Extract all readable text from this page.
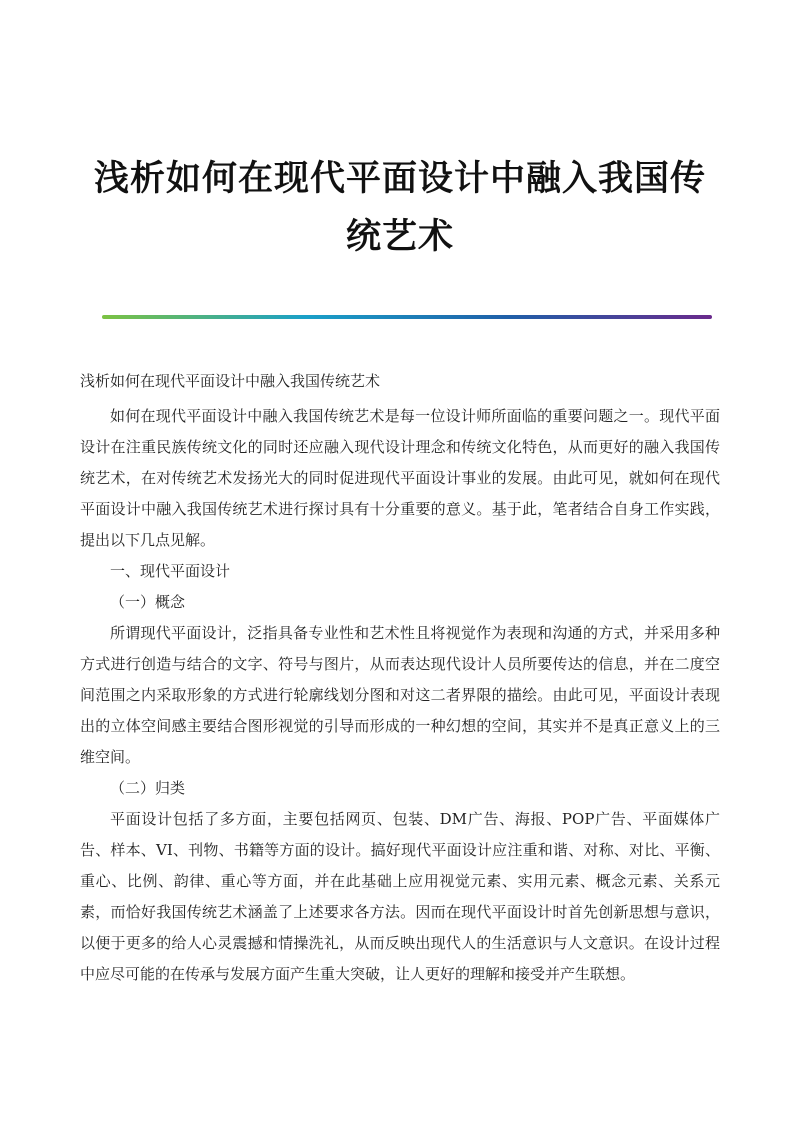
浅析如何在现代平面设计中融入我国传统艺术

浅析如何在现代平面设计中融入我国传统艺术

如何在现代平面设计中融入我国传统艺术是每一位设计师所面临的重要问题之一。现代平面设计在注重民族传统文化的同时还应融入现代设计理念和传统文化特色，从而更好的融入我国传统艺术，在对传统艺术发扬光大的同时促进现代平面设计事业的发展。由此可见，就如何在现代平面设计中融入我国传统艺术进行探讨具有十分重要的意义。基于此，笔者结合自身工作实践，提出以下几点见解。

一、现代平面设计

（一）概念

所谓现代平面设计，泛指具备专业性和艺术性且将视觉作为表现和沟通的方式，并采用多种方式进行创造与结合的文字、符号与图片，从而表达现代设计人员所要传达的信息，并在二度空间范围之内采取形象的方式进行轮廓线划分图和对这二者界限的描绘。由此可见，平面设计表现出的立体空间感主要结合图形视觉的引导而形成的一种幻想的空间，其实并不是真正意义上的三维空间。

（二）归类

平面设计包括了多方面，主要包括网页、包装、DM广告、海报、POP广告、平面媒体广告、样本、VI、刊物、书籍等方面的设计。搞好现代平面设计应注重和谐、对称、对比、平衡、重心、比例、韵律、重心等方面，并在此基础上应用视觉元素、实用元素、概念元素、关系元素，而恰好我国传统艺术涵盖了上述要求各方法。因而在现代平面设计时首先创新思想与意识，以便于更多的给人心灵震撼和情操洗礼，从而反映出现代人的生活意识与人文意识。在设计过程中应尽可能的在传承与发展方面产生重大突破，让人更好的理解和接受并产生联想。
